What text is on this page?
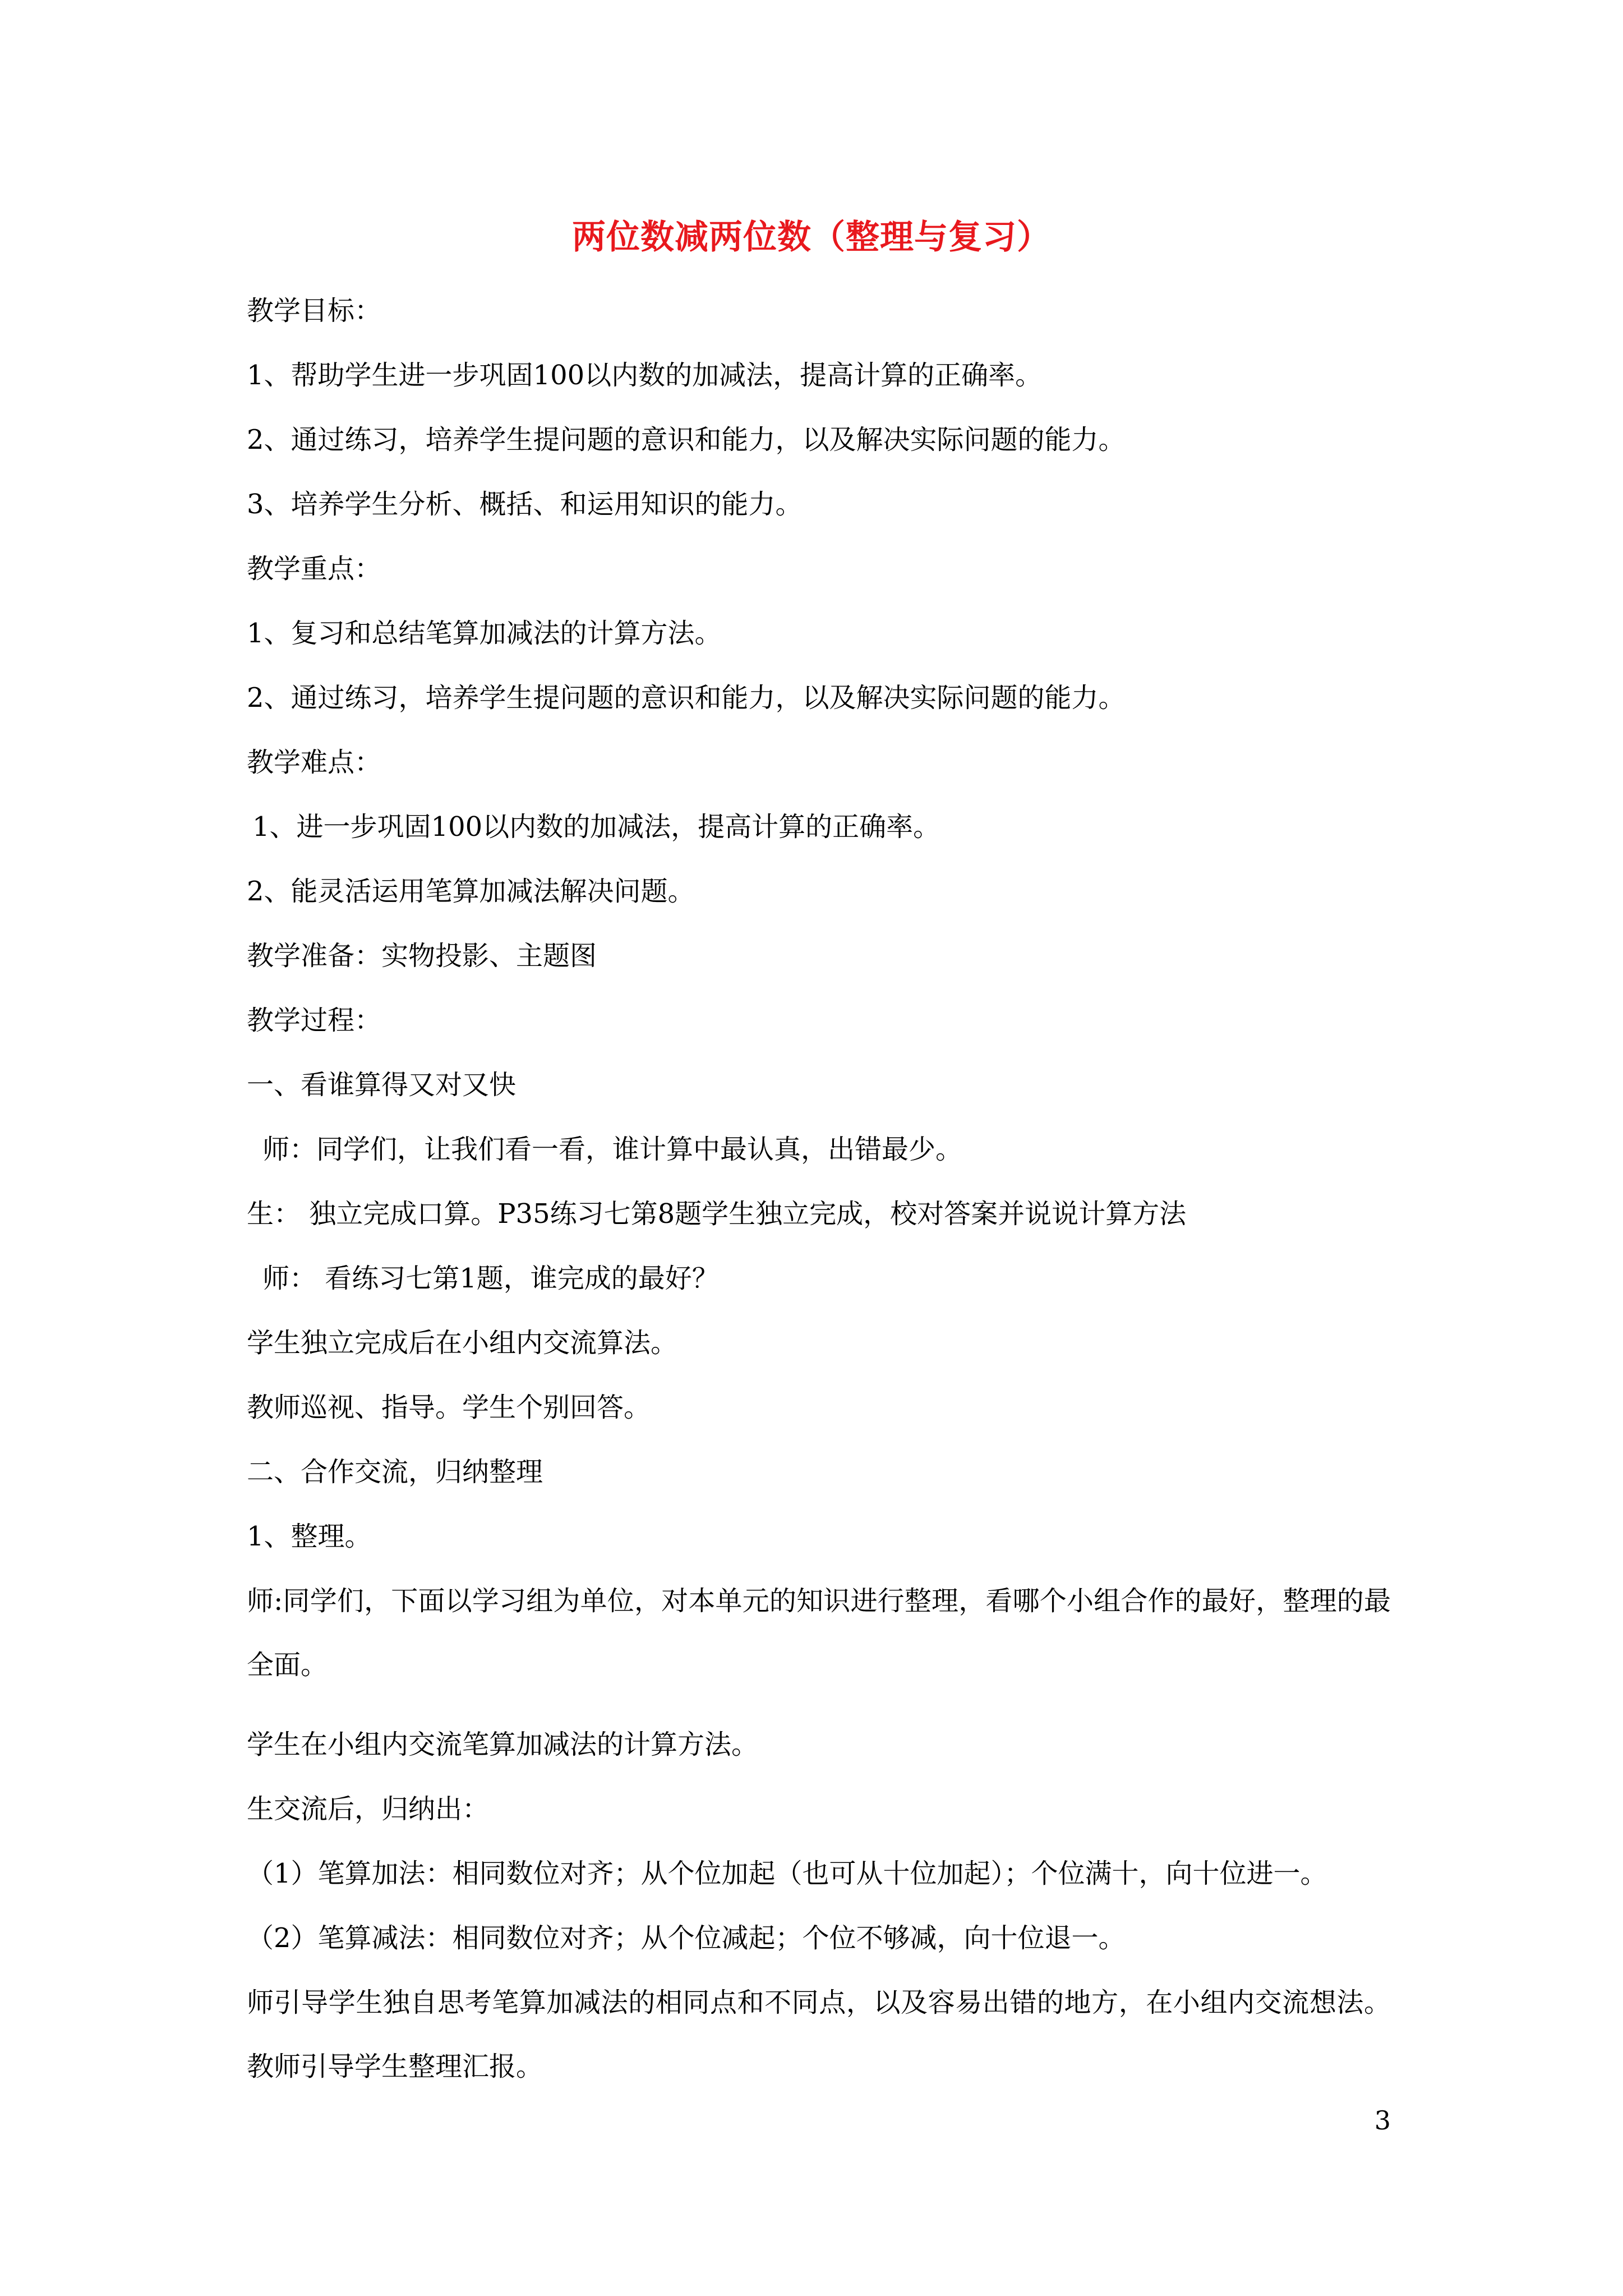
两位数减两位数（整理与复习）
教学目标：
1、帮助学生进一步巩固100以内数的加减法，提高计算的正确率。
2、通过练习，培养学生提问题的意识和能力，以及解决实际问题的能力。
3、培养学生分析、概括、和运用知识的能力。
教学重点：
1、复习和总结笔算加减法的计算方法。
2、通过练习，培养学生提问题的意识和能力，以及解决实际问题的能力。
教学难点：
1、进一步巩固100以内数的加减法，提高计算的正确率。
2、能灵活运用笔算加减法解决问题。
教学准备：实物投影、主题图
教学过程：
一、看谁算得又对又快
师：同学们，让我们看一看，谁计算中最认真，出错最少。
生： 独立完成口算。P35练习七第8题学生独立完成，校对答案并说说计算方法
师： 看练习七第1题，谁完成的最好？
学生独立完成后在小组内交流算法。
教师巡视、指导。学生个别回答。
二、合作交流，归纳整理
1、整理。
师:同学们，下面以学习组为单位，对本单元的知识进行整理，看哪个小组合作的最好，整理的最全面。
学生在小组内交流笔算加减法的计算方法。
生交流后，归纳出：
（1）笔算加法：相同数位对齐；从个位加起（也可从十位加起）；个位满十，向十位进一。
（2）笔算减法：相同数位对齐；从个位减起；个位不够减，向十位退一。
师引导学生独自思考笔算加减法的相同点和不同点，以及容易出错的地方，在小组内交流想法。教师引导学生整理汇报。
3
